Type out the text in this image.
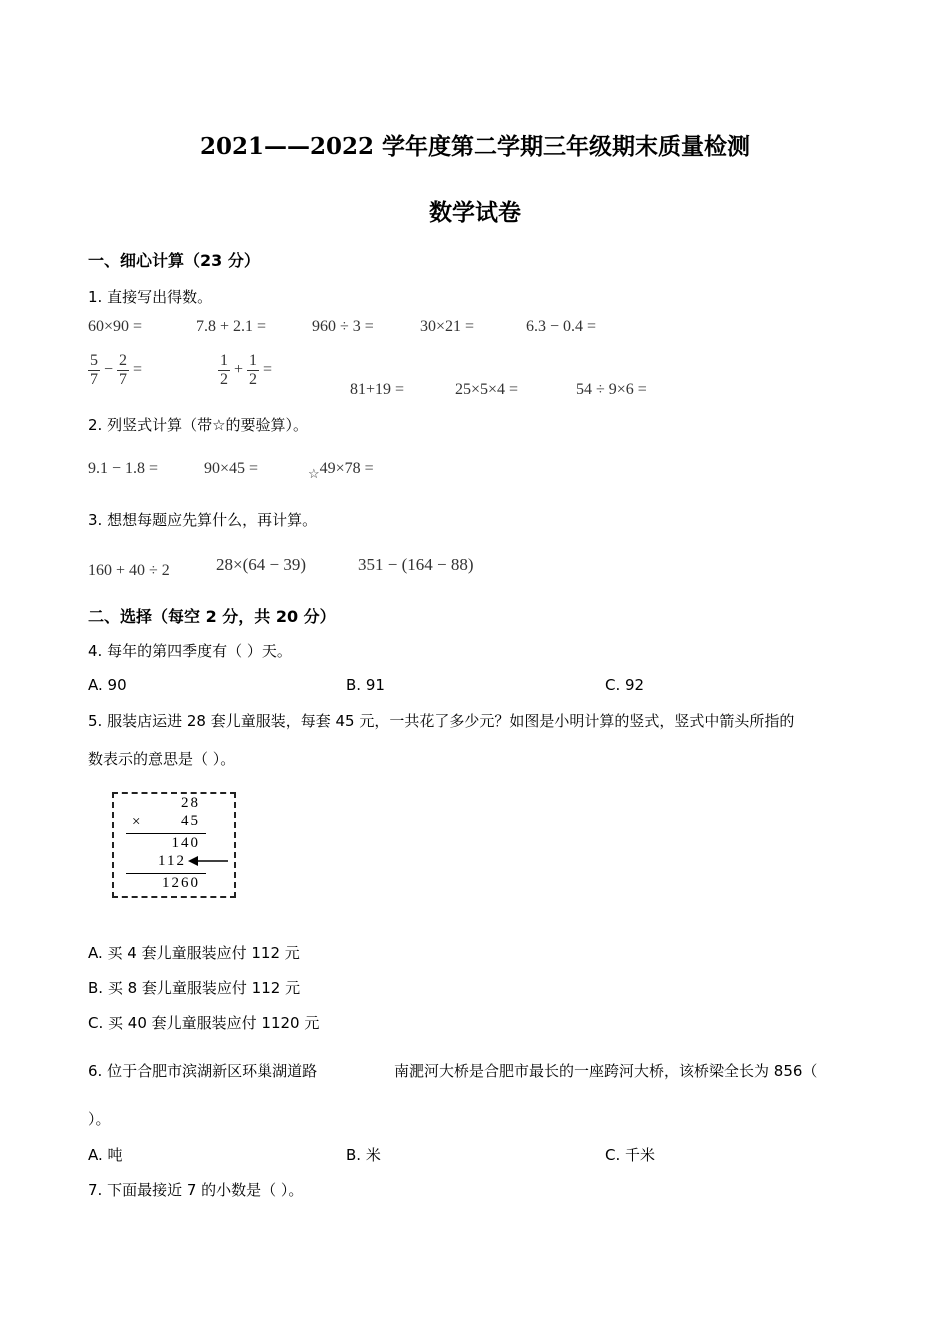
2021——2022 学年度第二学期三年级期末质量检测
数学试卷
一、细心计算（23 分）
1. 直接写出得数。
60×90 =	7.8 + 2.1 =	960 ÷ 3 =	30×21 =	6.3 − 0.4 =
$\frac{5}{7} - \frac{2}{7}$ =	$\frac{1}{2} + \frac{1}{2}$ =
81+19 =	25×5×4 =	54 ÷ 9×6 =
2. 列竖式计算（带☆的要验算）。
9.1 − 1.8 =	90×45 =	$_☆$49×78 =
3. 想想每题应先算什么，再计算。
160 + 40 ÷ 2	28×(64 − 39)	351 − (164 − 88)
二、选择（每空 2 分，共 20 分）
4. 每年的第四季度有（ ）天。
A. 90	B. 91	C. 92
5. 服装店运进 28 套儿童服装，每套 45 元，一共花了多少元？如图是小明计算的竖式，竖式中箭头所指的
数表示的意思是（ ）。
28
×	45
140
112
1260
A. 买 4 套儿童服装应付 112 元
B. 买 8 套儿童服装应付 112 元
C. 买 40 套儿童服装应付 1120 元
6. 位于合肥市滨湖新区环巢湖道路	南淝河大桥是合肥市最长的一座跨河大桥，该桥梁全长为 856（
）。
A. 吨	B. 米	C. 千米
7. 下面最接近 7 的小数是（ ）。
